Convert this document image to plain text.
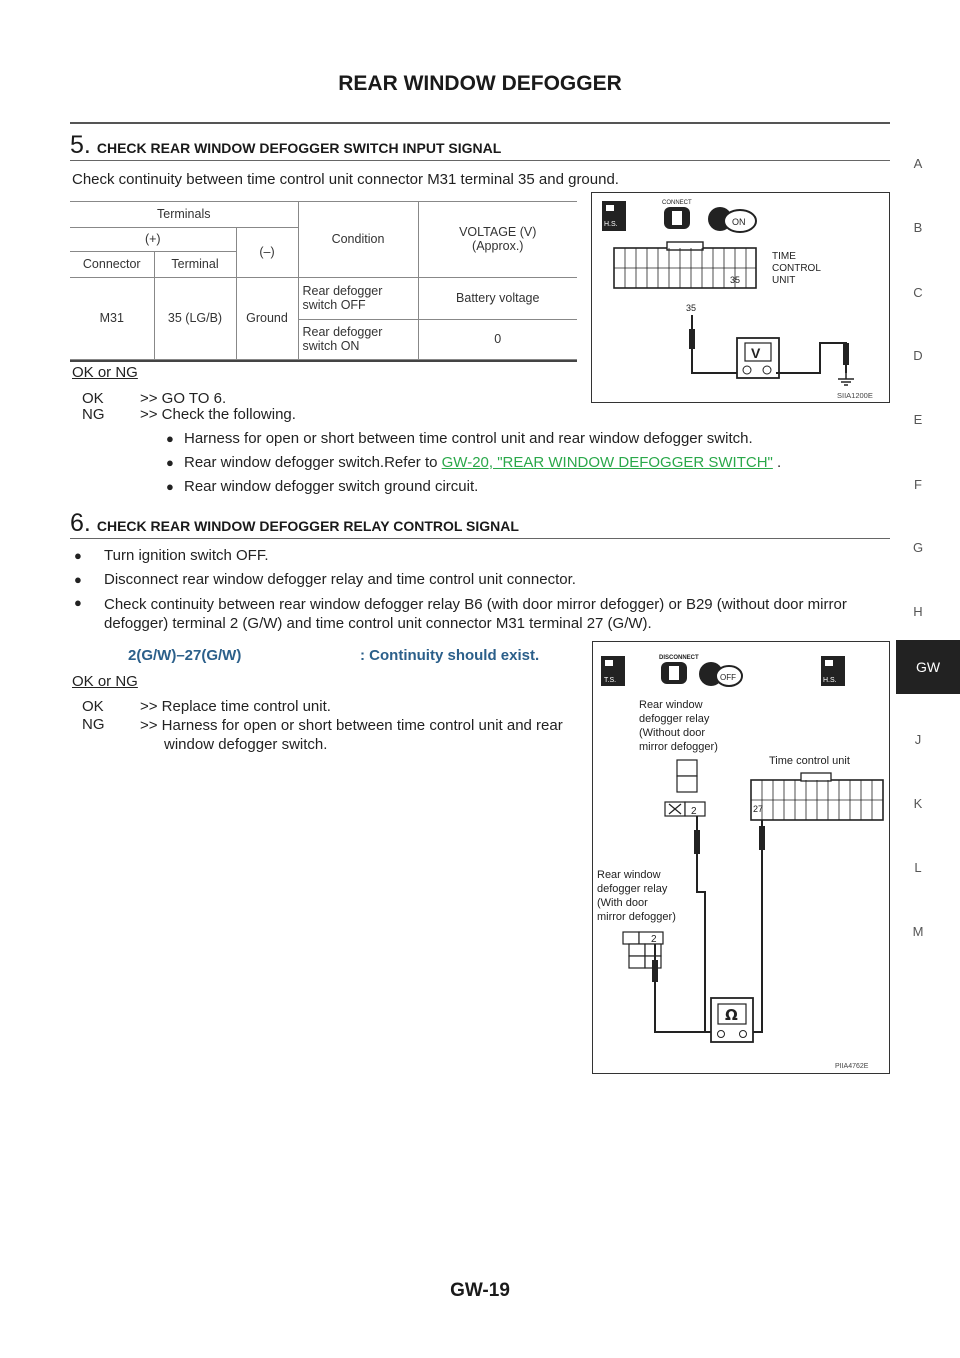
REAR WINDOW DEFOGGER
A
B
C
D
E
F
G
H
GW
J
K
L
M
5. CHECK REAR WINDOW DEFOGGER SWITCH INPUT SIGNAL
Check continuity between time control unit connector M31 terminal 35 and ground.
Terminals			Condition	VOLTAGE (V)
(Approx.)
(+)		(–)		
Connector	Terminal			
M31	35 (LG/B)	Ground	Rear defogger switch OFF	Battery voltage
			Rear defogger switch ON	0
H.S.
CONNECT
ON
35
TIME
CONTROL
UNIT
35
V
SIIA1200E
OK or NG
OK >> GO TO 6.
NG >> Check the following.
● Harness for open or short between time control unit and rear window defogger switch.
● Rear window defogger switch.Refer to GW-20, "REAR WINDOW DEFOGGER SWITCH" .
● Rear window defogger switch ground circuit.
6. CHECK REAR WINDOW DEFOGGER RELAY CONTROL SIGNAL
● Turn ignition switch OFF.
● Disconnect rear window defogger relay and time control unit connector.
●	Check continuity between rear window defogger relay B6 (with door mirror defogger) or B29 (without door mirror defogger) terminal 2 (G/W) and time control unit connector M31 terminal 27 (G/W).
2(G/W)–27(G/W)	: Continuity should exist.
OK or NG
OK >> Replace time control unit.
NG >> Harness for open or short between time control unit and rear window defogger switch.
T.S.
DISCONNECT
OFF	H.S.
Rear window defogger relay (Without door mirror defogger)
2
Time control unit
27
Rear window defogger relay (With door mirror defogger)
2
Ω
PIIA4762E
GW-19
